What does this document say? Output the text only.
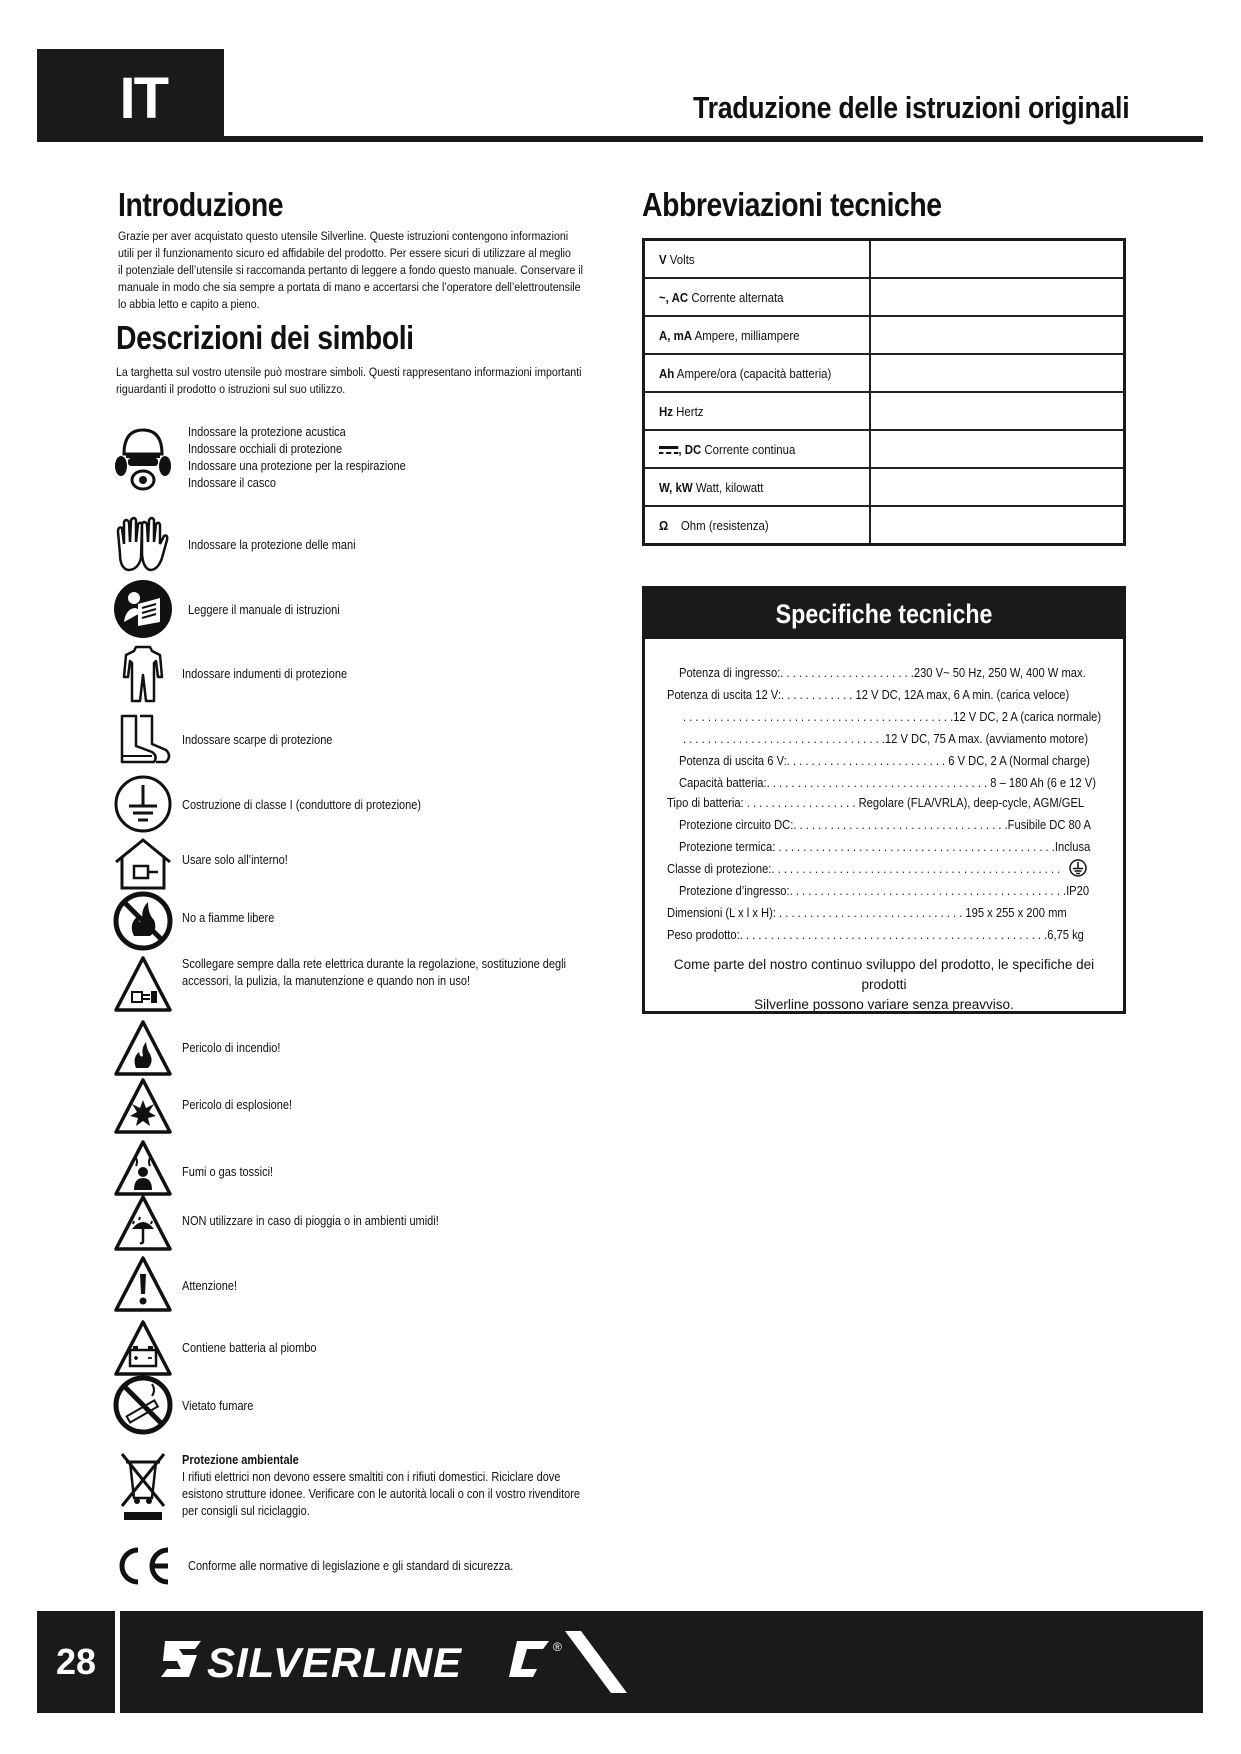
IT	Traduzione delle istruzioni originali
Introduzione
Grazie per aver acquistato questo utensile Silverline. Queste istruzioni contengono informazioni
utili per il funzionamento sicuro ed affidabile del prodotto. Per essere sicuri di utilizzare al meglio
il potenziale dell’utensile si raccomanda pertanto di leggere a fondo questo manuale. Conservare il
manuale in modo che sia sempre a portata di mano e accertarsi che l’operatore dell’elettroutensile
lo abbia letto e capito a pieno.
Descrizioni dei simboli
La targhetta sul vostro utensile può mostrare simboli. Questi rappresentano informazioni importanti
riguardanti il prodotto o istruzioni sul suo utilizzo.
Indossare la protezione acustica
Indossare occhiali di protezione
Indossare una protezione per la respirazione
Indossare il casco
Indossare la protezione delle mani
Leggere il manuale di istruzioni
Indossare indumenti di protezione
Indossare scarpe di protezione
Costruzione di classe I (conduttore di protezione)
Usare solo all’interno!
No a fiamme libere
Scollegare sempre dalla rete elettrica durante la regolazione, sostituzione degli
accessori, la pulizia, la manutenzione e quando non in uso!
Pericolo di incendio!
Pericolo di esplosione!
Fumi o gas tossici!
NON utilizzare in caso di pioggia o in ambienti umidi!
Attenzione!
Contiene batteria al piombo
Vietato fumare
Protezione ambientale
I rifiuti elettrici non devono essere smaltiti con i rifiuti domestici. Riciclare dove
esistono strutture idonee. Verificare con le autorità locali o con il vostro rivenditore
per consigli sul riciclaggio.
Conforme alle normative di legislazione e gli standard di sicurezza.
Abbreviazioni tecniche
V Volts	
~, AC Corrente alternata	
A, mA Ampere, milliampere	
Ah Ampere/ora (capacità batteria)	
Hz Hertz	
, DC Corrente continua	
W, kW Watt, kilowatt	
Ω    Ohm (resistenza)	
Specifiche tecniche
Potenza di ingresso:. . . . . . . . . . . . . . . . . . . . . .230 V~ 50 Hz, 250 W, 400 W max.
Potenza di uscita 12 V:. . . . . . . . . . . . 12 V DC, 12A max, 6 A min. (carica veloce)
. . . . . . . . . . . . . . . . . . . . . . . . . . . . . . . . . . . . . . . . . . . .12 V DC, 2 A (carica normale)
. . . . . . . . . . . . . . . . . . . . . . . . . . . . . . . . .12 V DC, 75 A max. (avviamento motore)
Potenza di uscita 6 V:. . . . . . . . . . . . . . . . . . . . . . . . . . 6 V DC, 2 A (Normal charge)
Capacità batteria:. . . . . . . . . . . . . . . . . . . . . . . . . . . . . . . . . . . . 8 – 180 Ah (6 e 12 V)
Tipo di batteria: . . . . . . . . . . . . . . . . . . Regolare (FLA/VRLA), deep-cycle, AGM/GEL
Protezione circuito DC:. . . . . . . . . . . . . . . . . . . . . . . . . . . . . . . . . . .Fusibile DC 80 A
Protezione termica: . . . . . . . . . . . . . . . . . . . . . . . . . . . . . . . . . . . . . . . . . . . . .Inclusa
Classe di protezione:. . . . . . . . . . . . . . . . . . . . . . . . . . . . . . . . . . . . . . . . . . . . . . .
Protezione d’ingresso:. . . . . . . . . . . . . . . . . . . . . . . . . . . . . . . . . . . . . . . . . . . . .IP20
Dimensioni (L x l x H): . . . . . . . . . . . . . . . . . . . . . . . . . . . . . . 195 x 255 x 200 mm
Peso prodotto:. . . . . . . . . . . . . . . . . . . . . . . . . . . . . . . . . . . . . . . . . . . . . . . . . .6,75 kg
Come parte del nostro continuo sviluppo del prodotto, le specifiche dei prodotti
Silverline possono variare senza preavviso.
28	SILVERLINE	®
